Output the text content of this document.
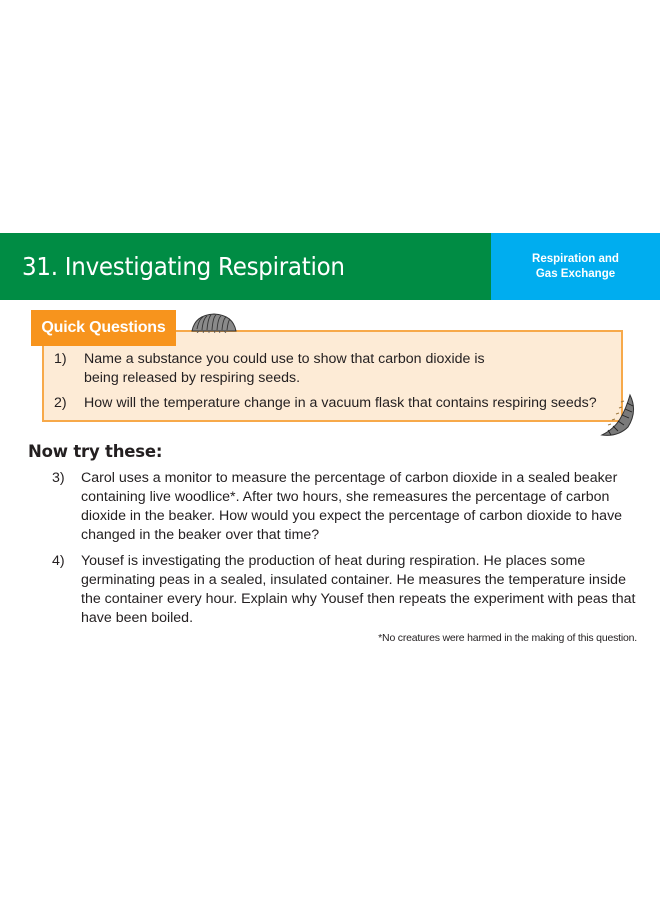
31. Investigating Respiration	Respiration and
Gas Exchange
Quick Questions
1)	Name a substance you could use to show that carbon dioxide is being released by respiring seeds.
2)	How will the temperature change in a vacuum flask that contains respiring seeds?
Now try these:
3)	Carol uses a monitor to measure the percentage of carbon dioxide in a sealed beaker containing live woodlice*. After two hours, she remeasures the percentage of carbon dioxide in the beaker. How would you expect the percentage of carbon dioxide to have changed in the beaker over that time?
4)	Yousef is investigating the production of heat during respiration. He places some germinating peas in a sealed, insulated container. He measures the temperature inside the container every hour. Explain why Yousef then repeats the experiment with peas that have been boiled.
*No creatures were harmed in the making of this question.
